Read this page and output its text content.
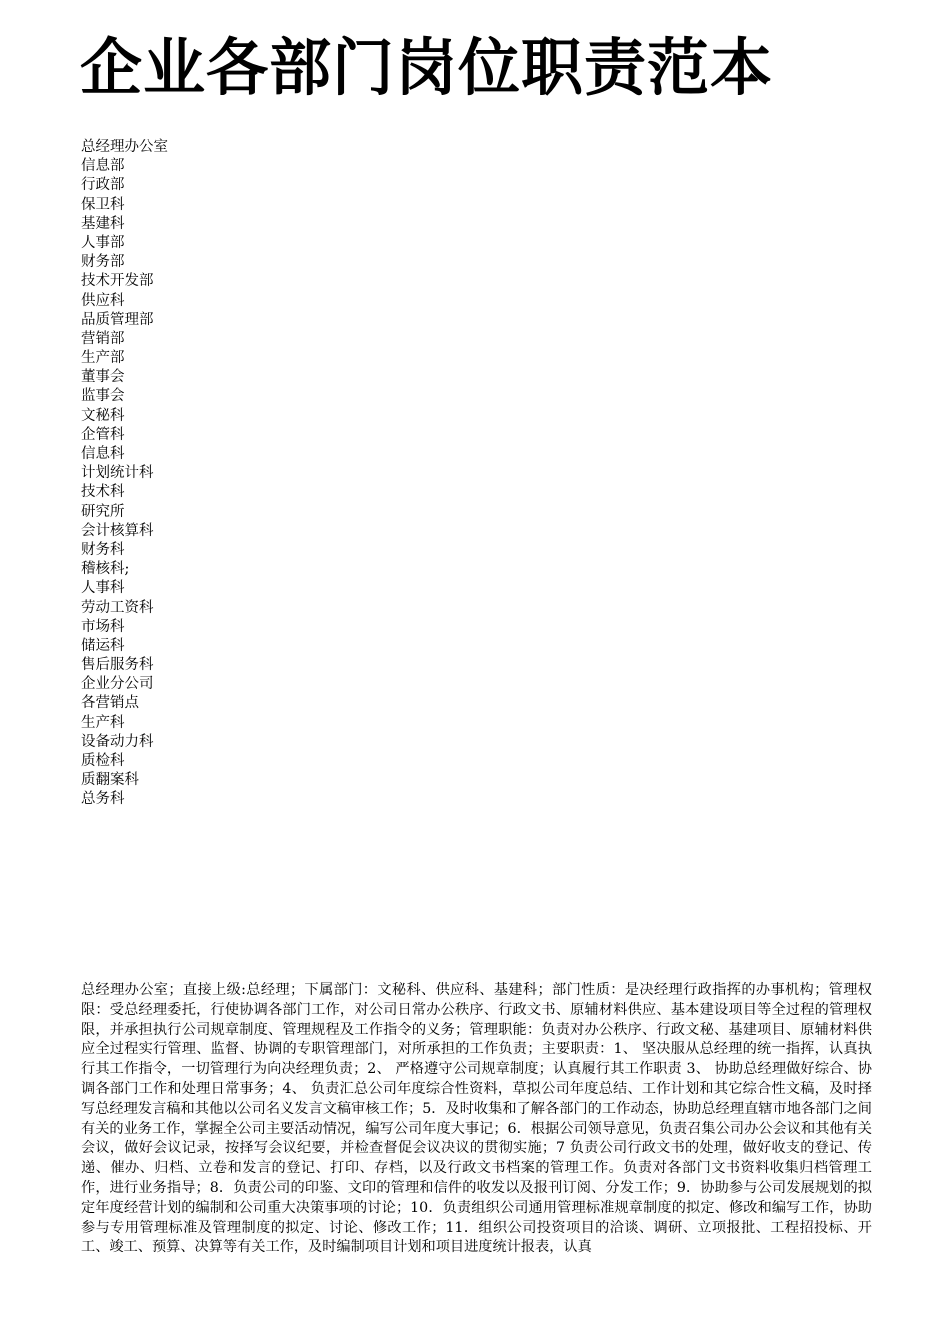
企业各部门岗位职责范本
总经理办公室
信息部
行政部
保卫科
基建科
人事部
财务部
技术开发部
供应科
品质管理部
营销部
生产部
董事会
监事会
文秘科
企管科
信息科
计划统计科
技术科
研究所
会计核算科
财务科
稽核科;
人事科
劳动工资科
市场科
储运科
售后服务科
企业分公司
各营销点
生产科
设备动力科
质检科
质翻案科
总务科

总经理办公室；直接上级:总经理；下属部门：文秘科、供应科、基建科；部门性质：是决经理行政指挥的办事机构；管理权限：受总经理委托，行使协调各部门工作，对公司日常办公秩序、行政文书、原辅材料供应、基本建设项目等全过程的管理权限，并承担执行公司规章制度、管理规程及工作指令的义务；管理职能：负责对办公秩序、行政文秘、基建项目、原辅材料供应全过程实行管理、监督、协调的专职管理部门，对所承担的工作负责；主要职责：1、 坚决服从总经理的统一指挥，认真执行其工作指令，一切管理行为向决经理负责；2、 严格遵守公司规章制度；认真履行其工作职责 3、 协助总经理做好综合、协调各部门工作和处理日常事务；4、 负责汇总公司年度综合性资料，草拟公司年度总结、工作计划和其它综合性文稿，及时择写总经理发言稿和其他以公司名义发言文稿审核工作；5．及时收集和了解各部门的工作动态，协助总经理直辖市地各部门之间有关的业务工作，掌握全公司主要活动情况，编写公司年度大事记；6．根据公司领导意见，负责召集公司办公会议和其他有关会议，做好会议记录，按择写会议纪要，并检查督促会议决议的贯彻实施；7 负责公司行政文书的处理，做好收支的登记、传递、催办、归档、立卷和发言的登记、打印、存档，以及行政文书档案的管理工作。负责对各部门文书资料收集归档管理工作，进行业务指导；8．负责公司的印鉴、文印的管理和信件的收发以及报刊订阅、分发工作；9．协助参与公司发展规划的拟定年度经营计划的编制和公司重大决策事项的讨论；10．负责组织公司通用管理标准规章制度的拟定、修改和编写工作，协助参与专用管理标准及管理制度的拟定、讨论、修改工作；11．组织公司投资项目的洽谈、调研、立项报批、工程招投标、开工、竣工、预算、决算等有关工作，及时编制项目计划和项目进度统计报表，认真
